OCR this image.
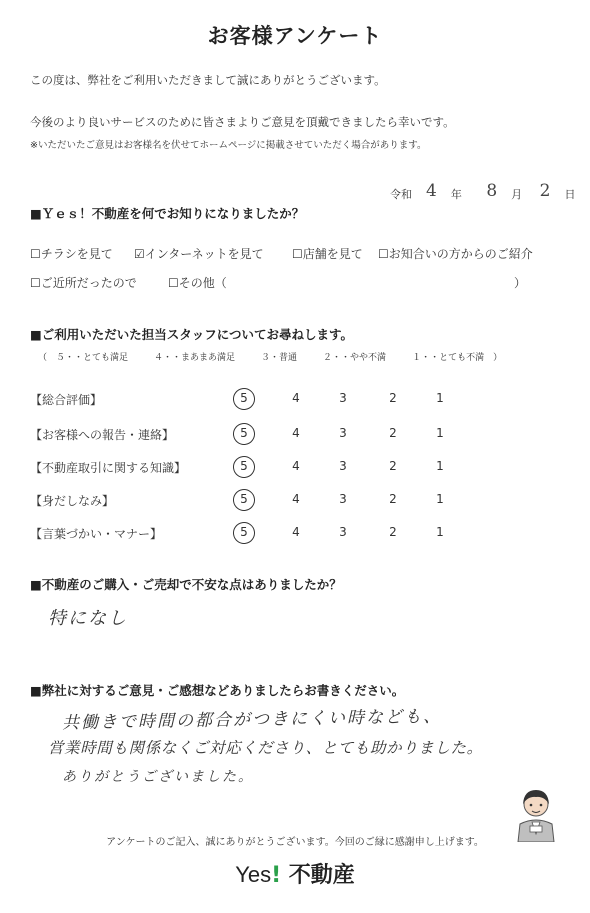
お客様アンケート
この度は、弊社をご利用いただきまして誠にありがとうございます。
今後のより良いサービスのために皆さまよりご意見を頂戴できましたら幸いです。
※いただいたご意見はお客様名を伏せてホームページに掲載させていただく場合があります。
令和 4 年 8 月 2 日
■Ｙｅｓ！不動産を何でお知りになりましたか？
☐チラシを見て ☑インターネットを見て ☐店舗を見て ☐お知合いの方からのご紹介
☐ご近所だったので	☐その他（	）
■ご利用いただいた担当スタッフについてお尋ねします。
（　５・・とても満足	４・・まあまあ満足	３・普通	２・・やや不満	１・・とても不満　）
【総合評価】	5	4	3	2	1
【お客様への報告・連絡】	5	4	3	2	1
【不動産取引に関する知識】	5	4	3	2	1
【身だしなみ】	5	4	3	2	1
【言葉づかい・マナー】	5	4	3	2	1
■不動産のご購入・ご売却で不安な点はありましたか？
特になし
■弊社に対するご意見・ご感想などありましたらお書きください。
共働きで時間の都合がつきにくい時なども、
営業時間も関係なくご対応くださり、とても助かりました。
ありがとうございました。
アンケートのご記入、誠にありがとうございます。今回のご縁に感謝申し上げます。
Yes! 不動産
